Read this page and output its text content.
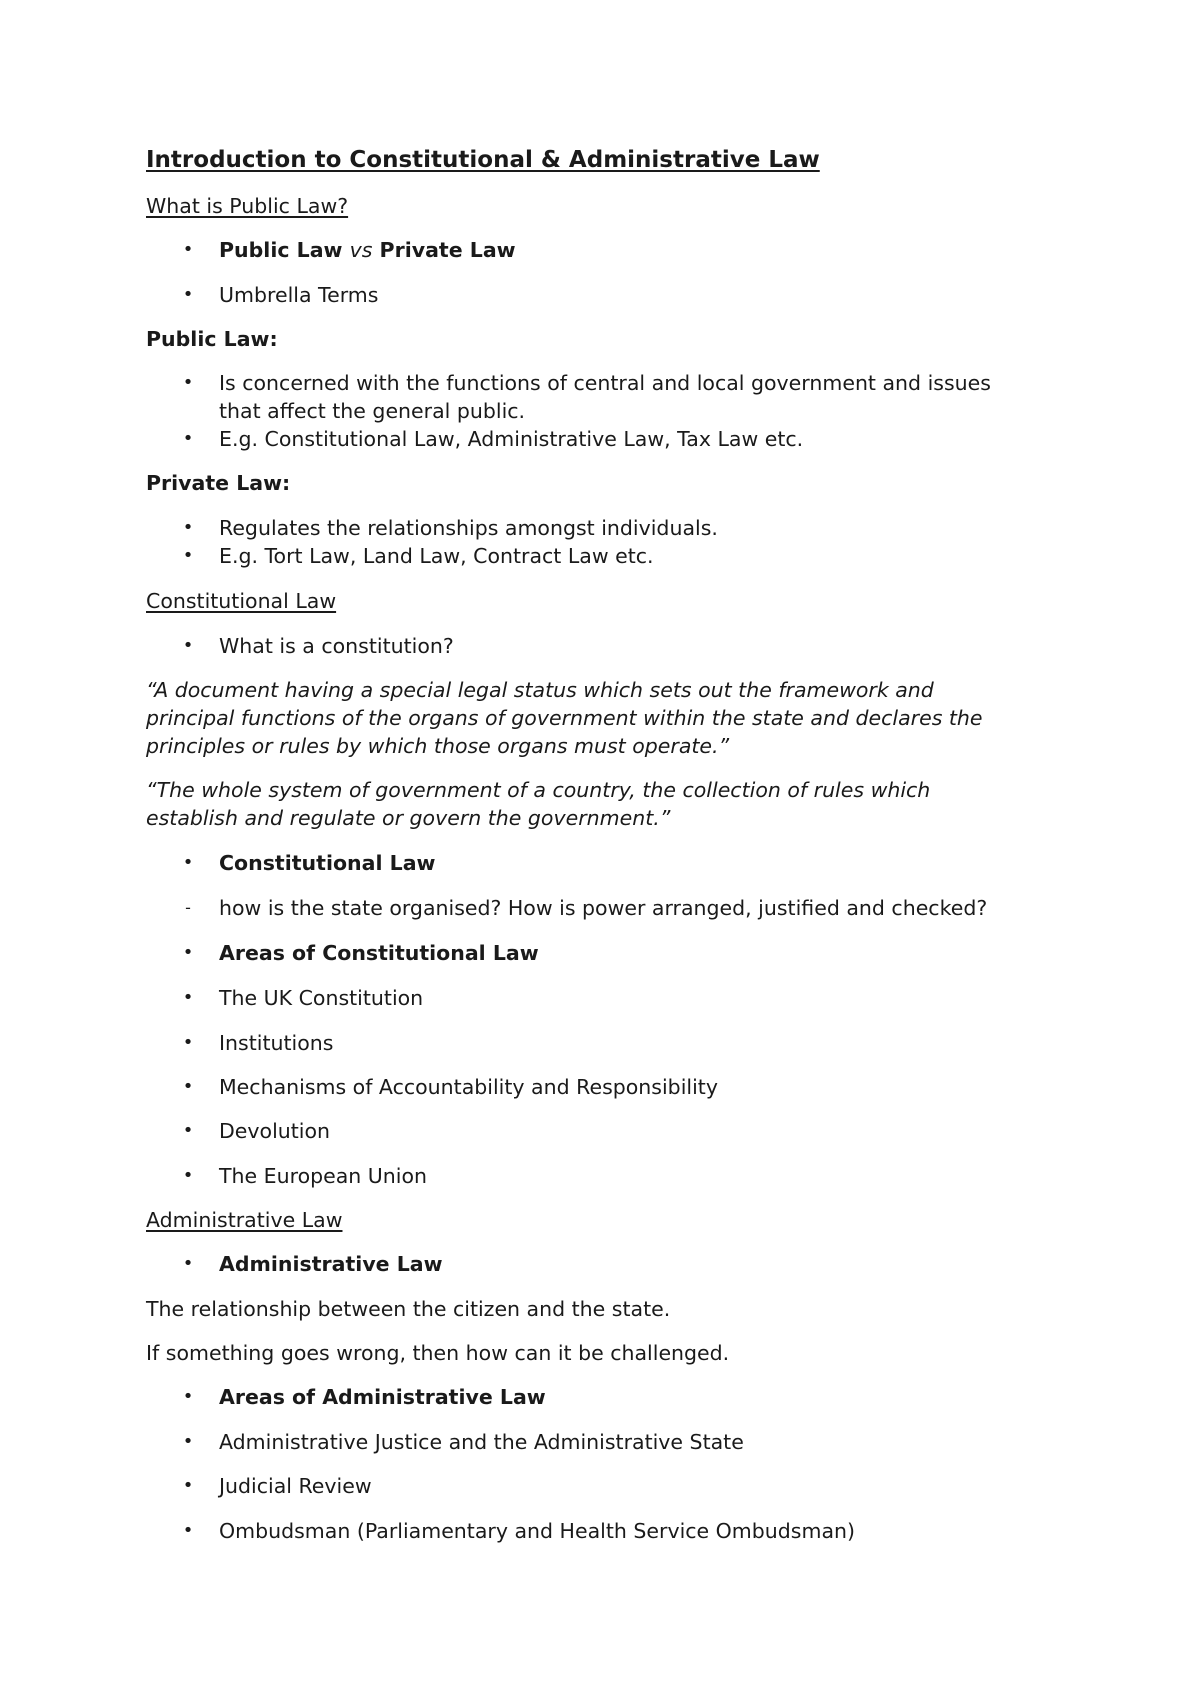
Introduction to Constitutional & Administrative Law
What is Public Law?
• Public Law vs Private Law
• Umbrella Terms
Public Law:
• Is concerned with the functions of central and local government and issues
that affect the general public.
• E.g. Constitutional Law, Administrative Law, Tax Law etc.
Private Law:
• Regulates the relationships amongst individuals.
• E.g. Tort Law, Land Law, Contract Law etc.
Constitutional Law
• What is a constitution?
“A document having a special legal status which sets out the framework and
principal functions of the organs of government within the state and declares the
principles or rules by which those organs must operate.”
“The whole system of government of a country, the collection of rules which
establish and regulate or govern the government.”
• Constitutional Law
- how is the state organised? How is power arranged, justified and checked?
• Areas of Constitutional Law
• The UK Constitution
• Institutions
• Mechanisms of Accountability and Responsibility
• Devolution
• The European Union
Administrative Law
• Administrative Law
The relationship between the citizen and the state.
If something goes wrong, then how can it be challenged.
• Areas of Administrative Law
• Administrative Justice and the Administrative State
• Judicial Review
• Ombudsman (Parliamentary and Health Service Ombudsman)
